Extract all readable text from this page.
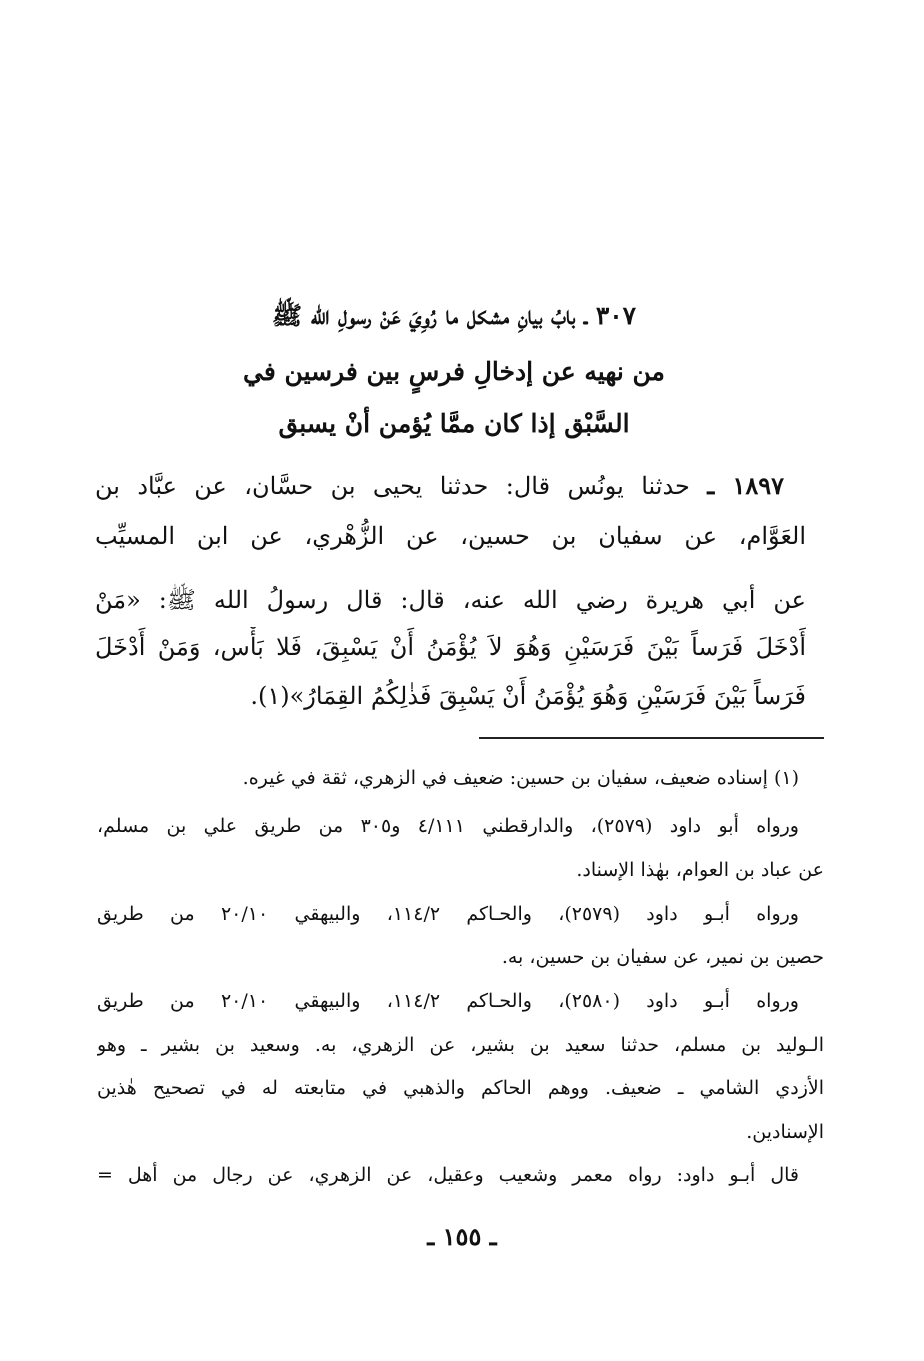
٣٠٧ ـ بابُ بيانِ مشكل ما رُوِيَ عَنْ رسولِ الله ﷺ
من نهيه عن إدخالِ فرسٍ بين فرسين في
السَّبْق إذا كان ممَّا يُؤمن أنْ يسبق
١٨٩٧ ـ حدثنا يونُس قال: حدثنا يحيى بن حسَّان، عن عبَّاد بن
العَوَّام، عن سفيان بن حسين، عن الزُّهْري، عن ابن المسيِّب
عن أبي هريرة رضي الله عنه، قال: قال رسولُ الله ﷺ: «مَنْ
أَدْخَلَ فَرَساً بَيْنَ فَرَسَيْنِ وَهُوَ لاَ يُؤْمَنُ أَنْ يَسْبِقَ، فَلا بَأْس، وَمَنْ أَدْخَلَ
فَرَساً بَيْنَ فَرَسَيْنِ وَهُوَ يُؤْمَنُ أَنْ يَسْبِقَ فَذٰلِكُمُ القِمَارُ»(١).
(١) إسناده ضعيف، سفيان بن حسين: ضعيف في الزهري، ثقة في غيره.
ورواه أبو داود (٢٥٧٩)، والدارقطني ٤/١١١ و٣٠٥ من طريق علي بن مسلم،
عن عباد بن العوام، بهٰذا الإسناد.
ورواه أبـو داود (٢٥٧٩)، والحـاكم ١١٤/٢، والبيهقي ٢٠/١٠ من طريق
حصين بن نمير، عن سفيان بن حسين، به.
ورواه أبـو داود (٢٥٨٠)، والحـاكم ١١٤/٢، والبيهقي ٢٠/١٠ من طريق
الـوليد بن مسلم، حدثنا سعيد بن بشير، عن الزهري، به. وسعيد بن بشير ـ وهو
الأزدي الشامي ـ ضعيف. ووهم الحاكم والذهبي في متابعته له في تصحيح هٰذين
الإسنادين.
قال أبـو داود: رواه معمر وشعيب وعقيل، عن الزهري، عن رجال من أهل =
ـ ١٥٥ ـ
